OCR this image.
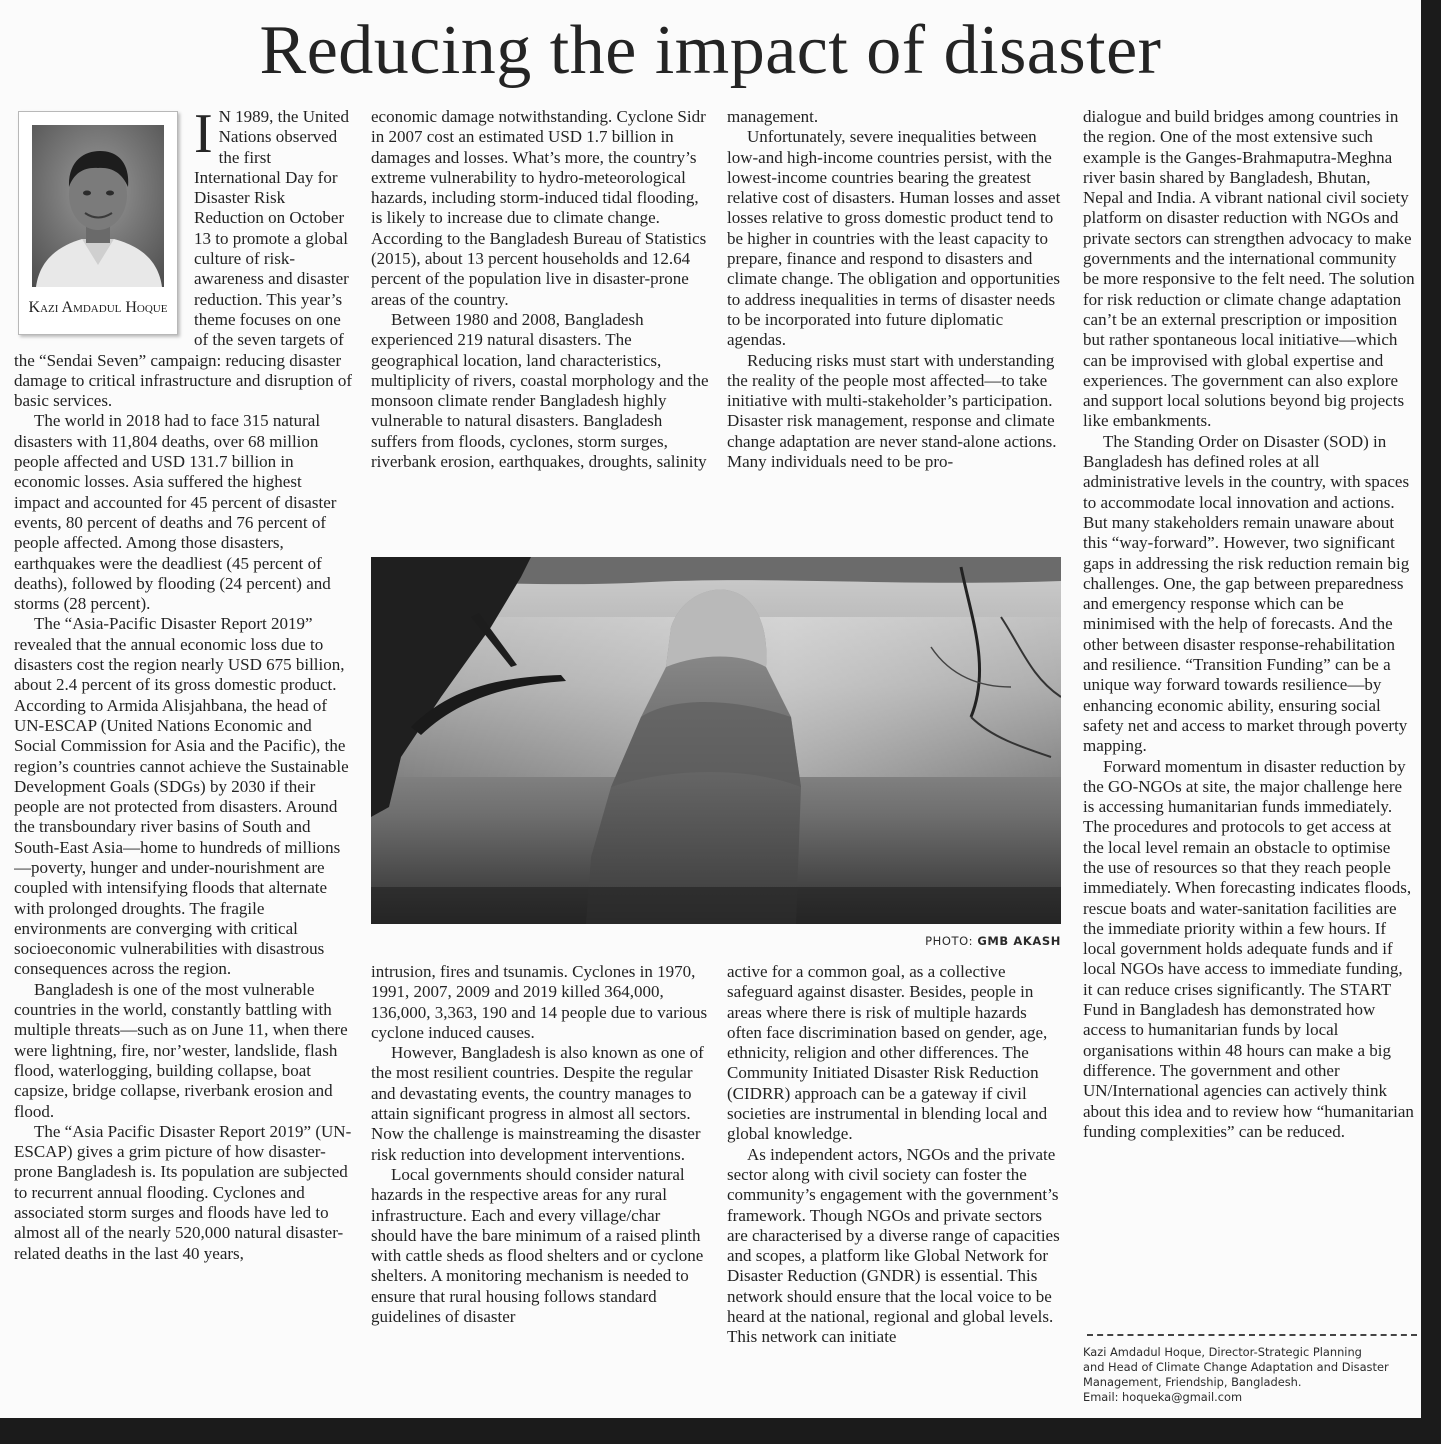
Reducing the impact of disaster
Kazi Amdadul Hoque
I N 1989, the United Nations observed the first International Day for Disaster Risk Reduction on October 13 to promote a global culture of risk-awareness and disaster reduction. This year’s theme focuses on one of the seven targets of the “Sendai Seven” campaign: reducing disaster damage to critical infrastructure and disruption of basic services.

The world in 2018 had to face 315 natural disasters with 11,804 deaths, over 68 million people affected and USD 131.7 billion in economic losses. Asia suffered the highest impact and accounted for 45 percent of disaster events, 80 percent of deaths and 76 percent of people affected. Among those disasters, earthquakes were the deadliest (45 percent of deaths), followed by flooding (24 percent) and storms (28 percent).

The “Asia-Pacific Disaster Report 2019” revealed that the annual economic loss due to disasters cost the region nearly USD 675 billion, about 2.4 percent of its gross domestic product. According to Armida Alisjahbana, the head of UN-ESCAP (United Nations Economic and Social Commission for Asia and the Pacific), the region’s countries cannot achieve the Sustainable Development Goals (SDGs) by 2030 if their people are not protected from disasters. Around the transboundary river basins of South and South-East Asia—home to hundreds of millions—poverty, hunger and under-nourishment are coupled with intensifying floods that alternate with prolonged droughts. The fragile environments are converging with critical socioeconomic vulnerabilities with disastrous consequences across the region.

Bangladesh is one of the most vulnerable countries in the world, constantly battling with multiple threats—such as on June 11, when there were lightning, fire, nor’wester, landslide, flash flood, waterlogging, building collapse, boat capsize, bridge collapse, riverbank erosion and flood.

The “Asia Pacific Disaster Report 2019” (UN-ESCAP) gives a grim picture of how disaster-prone Bangladesh is. Its population are subjected to recurrent annual flooding. Cyclones and associated storm surges and floods have led to almost all of the nearly 520,000 natural disaster-related deaths in the last 40 years,

economic damage notwithstanding. Cyclone Sidr in 2007 cost an estimated USD 1.7 billion in damages and losses. What’s more, the country’s extreme vulnerability to hydro-meteorological hazards, including storm-induced tidal flooding, is likely to increase due to climate change. According to the Bangladesh Bureau of Statistics (2015), about 13 percent households and 12.64 percent of the population live in disaster-prone areas of the country.

Between 1980 and 2008, Bangladesh experienced 219 natural disasters. The geographical location, land characteristics, multiplicity of rivers, coastal morphology and the monsoon climate render Bangladesh highly vulnerable to natural disasters. Bangladesh suffers from floods, cyclones, storm surges, riverbank erosion, earthquakes, droughts, salinity

management.

Unfortunately, severe inequalities between low-and high-income countries persist, with the lowest-income countries bearing the greatest relative cost of disasters. Human losses and asset losses relative to gross domestic product tend to be higher in countries with the least capacity to prepare, finance and respond to disasters and climate change. The obligation and opportunities to address inequalities in terms of disaster needs to be incorporated into future diplomatic agendas.

Reducing risks must start with understanding the reality of the people most affected—to take initiative with multi-stakeholder’s participation. Disaster risk management, response and climate change adaptation are never stand-alone actions. Many individuals need to be pro-

PHOTO: GMB AKASH

intrusion, fires and tsunamis. Cyclones in 1970, 1991, 2007, 2009 and 2019 killed 364,000, 136,000, 3,363, 190 and 14 people due to various cyclone induced causes.

However, Bangladesh is also known as one of the most resilient countries. Despite the regular and devastating events, the country manages to attain significant progress in almost all sectors. Now the challenge is mainstreaming the disaster risk reduction into development interventions.

Local governments should consider natural hazards in the respective areas for any rural infrastructure. Each and every village/char should have the bare minimum of a raised plinth with cattle sheds as flood shelters and or cyclone shelters. A monitoring mechanism is needed to ensure that rural housing follows standard guidelines of disaster

active for a common goal, as a collective safeguard against disaster. Besides, people in areas where there is risk of multiple hazards often face discrimination based on gender, age, ethnicity, religion and other differences. The Community Initiated Disaster Risk Reduction (CIDRR) approach can be a gateway if civil societies are instrumental in blending local and global knowledge.

As independent actors, NGOs and the private sector along with civil society can foster the community’s engagement with the government’s framework. Though NGOs and private sectors are characterised by a diverse range of capacities and scopes, a platform like Global Network for Disaster Reduction (GNDR) is essential. This network should ensure that the local voice to be heard at the national, regional and global levels. This network can initiate

dialogue and build bridges among countries in the region. One of the most extensive such example is the Ganges-Brahmaputra-Meghna river basin shared by Bangladesh, Bhutan, Nepal and India. A vibrant national civil society platform on disaster reduction with NGOs and private sectors can strengthen advocacy to make governments and the international community be more responsive to the felt need. The solution for risk reduction or climate change adaptation can’t be an external prescription or imposition but rather spontaneous local initiative—which can be improvised with global expertise and experiences. The government can also explore and support local solutions beyond big projects like embankments.

The Standing Order on Disaster (SOD) in Bangladesh has defined roles at all administrative levels in the country, with spaces to accommodate local innovation and actions. But many stakeholders remain unaware about this “way-forward”. However, two significant gaps in addressing the risk reduction remain big challenges. One, the gap between preparedness and emergency response which can be minimised with the help of forecasts. And the other between disaster response-rehabilitation and resilience. “Transition Funding” can be a unique way forward towards resilience—by enhancing economic ability, ensuring social safety net and access to market through poverty mapping.

Forward momentum in disaster reduction by the GO-NGOs at site, the major challenge here is accessing humanitarian funds immediately. The procedures and protocols to get access at the local level remain an obstacle to optimise the use of resources so that they reach people immediately. When forecasting indicates floods, rescue boats and water-sanitation facilities are the immediate priority within a few hours. If local government holds adequate funds and if local NGOs have access to immediate funding, it can reduce crises significantly. The START Fund in Bangladesh has demonstrated how access to humanitarian funds by local organisations within 48 hours can make a big difference. The government and other UN/International agencies can actively think about this idea and to review how “humanitarian funding complexities” can be reduced.

Kazi Amdadul Hoque, Director-Strategic Planning
and Head of Climate Change Adaptation and Disaster
Management, Friendship, Bangladesh.
Email: hoqueka@gmail.com
